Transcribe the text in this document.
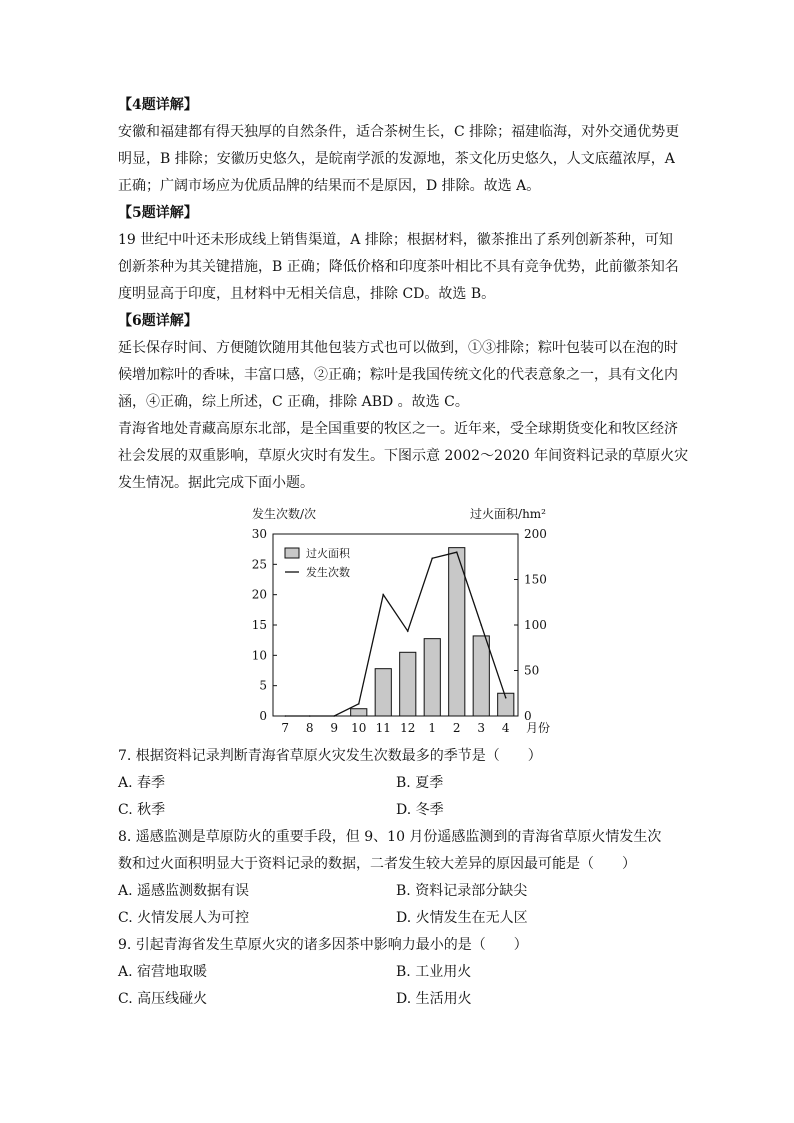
【4题详解】
安徽和福建都有得天独厚的自然条件，适合茶树生长，C 排除；福建临海，对外交通优势更
明显，B 排除；安徽历史悠久，是皖南学派的发源地，茶文化历史悠久，人文底蕴浓厚，A
正确；广阔市场应为优质品牌的结果而不是原因，D 排除。故选 A。
【5题详解】
19 世纪中叶还未形成线上销售渠道，A 排除；根据材料，徽茶推出了系列创新茶种，可知
创新茶种为其关键措施，B 正确；降低价格和印度茶叶相比不具有竞争优势，此前徽茶知名
度明显高于印度，且材料中无相关信息，排除 CD。故选 B。
【6题详解】
延长保存时间、方便随饮随用其他包装方式也可以做到，①③排除；粽叶包装可以在泡的时
候增加粽叶的香味，丰富口感，②正确；粽叶是我国传统文化的代表意象之一，具有文化内
涵，④正确，综上所述，C 正确，排除 ABD 。故选 C。
青海省地处青藏高原东北部，是全国重要的牧区之一。近年来，受全球期货变化和牧区经济
社会发展的双重影响，草原火灾时有发生。下图示意 2002～2020 年间资料记录的草原火灾
发生情况。据此完成下面小题。
发生次数/次	过火面积/hm²
0
5
10
15
20
25
30
0
50
100
150
200
7 8 9 10 11 12 1 2 3 4 月份
过火面积
发生次数
7. 根据资料记录判断青海省草原火灾发生次数最多的季节是（　　）
A. 春季	B. 夏季
C. 秋季	D. 冬季
8. 遥感监测是草原防火的重要手段，但 9、10 月份遥感监测到的青海省草原火情发生次
数和过火面积明显大于资料记录的数据，二者发生较大差异的原因最可能是（　　）
A. 遥感监测数据有误	B. 资料记录部分缺尖
C. 火情发展人为可控	D. 火情发生在无人区
9. 引起青海省发生草原火灾的诸多因茶中影响力最小的是（　　）
A. 宿营地取暖	B. 工业用火
C. 高压线碰火	D. 生活用火
